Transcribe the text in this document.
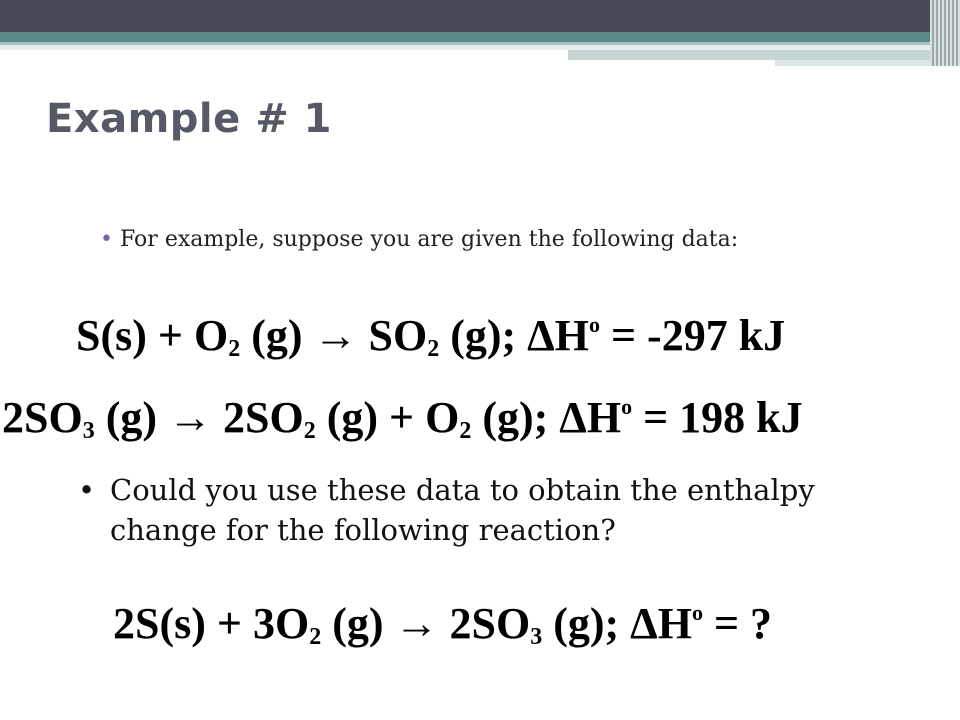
Example # 1
• For example, suppose you are given the following data:
$S(s) + O_2$ $(g) \to SO_2$ (g); $\Delta H^o = -297$ kJ
$2SO_3$ $(g) \to 2SO_2$ $(g) + O_2$ (g); $\Delta H^o = 198$ kJ
• Could you use these data to obtain the enthalpy change for the following reaction?
$2S(s) + 3O_2$ $(g) \to 2SO_3$ (g); $\Delta H^o$ = ?
